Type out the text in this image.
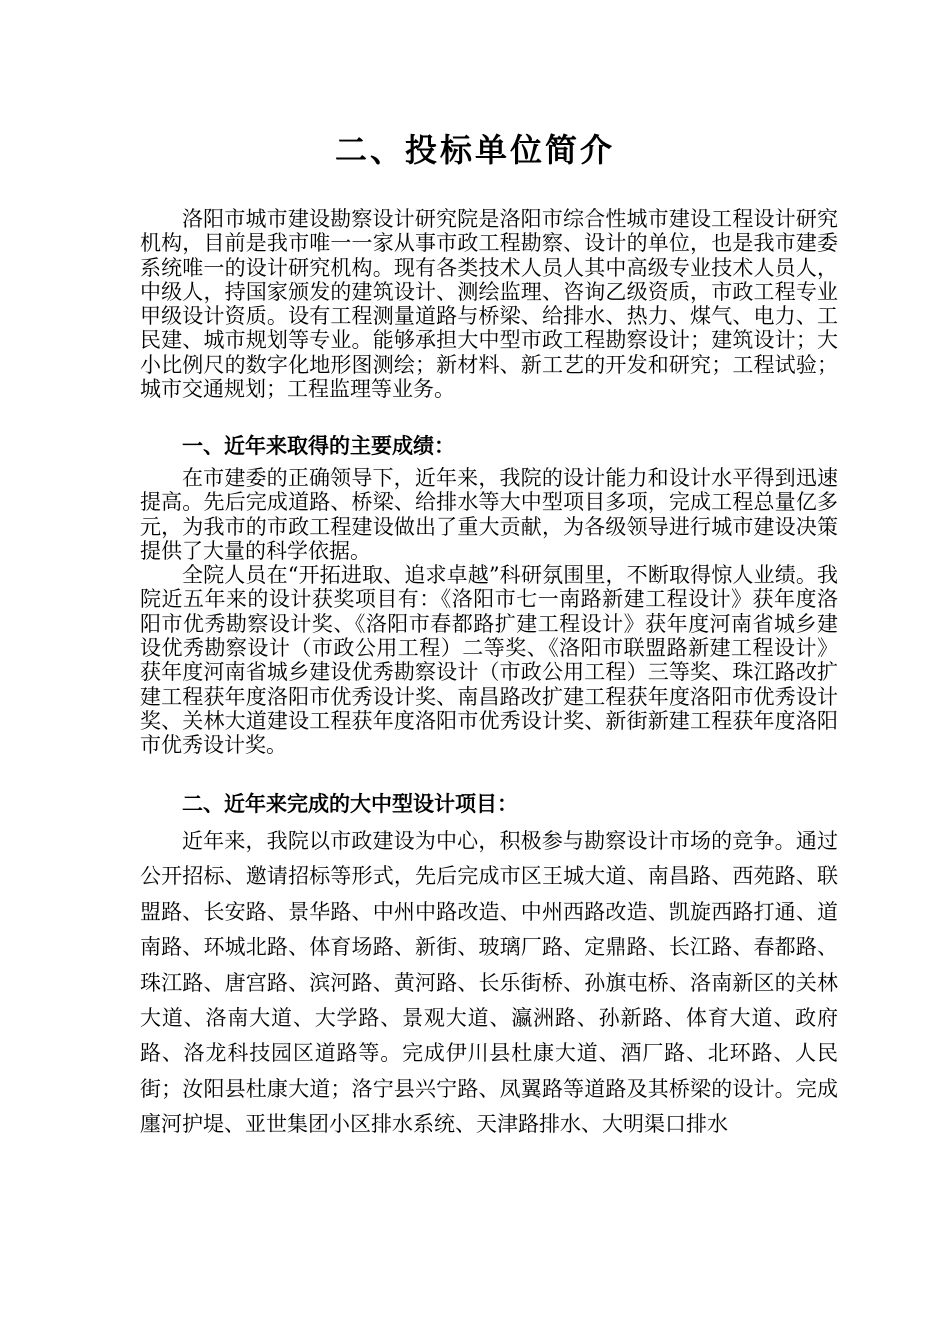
二、投标单位简介

洛阳市城市建设勘察设计研究院是洛阳市综合性城市建设工程设计研究机构，目前是我市唯一一家从事市政工程勘察、设计的单位，也是我市建委系统唯一的设计研究机构。现有各类技术人员人其中高级专业技术人员人，中级人，持国家颁发的建筑设计、测绘监理、咨询乙级资质，市政工程专业甲级设计资质。设有工程测量道路与桥梁、给排水、热力、煤气、电力、工民建、城市规划等专业。能够承担大中型市政工程勘察设计；建筑设计；大小比例尺的数字化地形图测绘；新材料、新工艺的开发和研究；工程试验；城市交通规划；工程监理等业务。

一、近年来取得的主要成绩：

在市建委的正确领导下，近年来，我院的设计能力和设计水平得到迅速提高。先后完成道路、桥梁、给排水等大中型项目多项，完成工程总量亿多元，为我市的市政工程建设做出了重大贡献，为各级领导进行城市建设决策提供了大量的科学依据。

全院人员在“开拓进取、追求卓越”科研氛围里，不断取得惊人业绩。我院近五年来的设计获奖项目有：《洛阳市七一南路新建工程设计》获年度洛阳市优秀勘察设计奖、《洛阳市春都路扩建工程设计》获年度河南省城乡建设优秀勘察设计（市政公用工程）二等奖、《洛阳市联盟路新建工程设计》获年度河南省城乡建设优秀勘察设计（市政公用工程）三等奖、珠江路改扩建工程获年度洛阳市优秀设计奖、南昌路改扩建工程获年度洛阳市优秀设计奖、关林大道建设工程获年度洛阳市优秀设计奖、新街新建工程获年度洛阳市优秀设计奖。

二、近年来完成的大中型设计项目：

近年来，我院以市政建设为中心，积极参与勘察设计市场的竞争。通过公开招标、邀请招标等形式，先后完成市区王城大道、南昌路、西苑路、联盟路、长安路、景华路、中州中路改造、中州西路改造、凯旋西路打通、道南路、环城北路、体育场路、新街、玻璃厂路、定鼎路、长江路、春都路、珠江路、唐宫路、滨河路、黄河路、长乐街桥、孙旗屯桥、洛南新区的关林大道、洛南大道、大学路、景观大道、瀛洲路、孙新路、体育大道、政府路、洛龙科技园区道路等。完成伊川县杜康大道、酒厂路、北环路、人民街；汝阳县杜康大道；洛宁县兴宁路、凤翼路等道路及其桥梁的设计。完成廛河护堤、亚世集团小区排水系统、天津路排水、大明渠口排水
